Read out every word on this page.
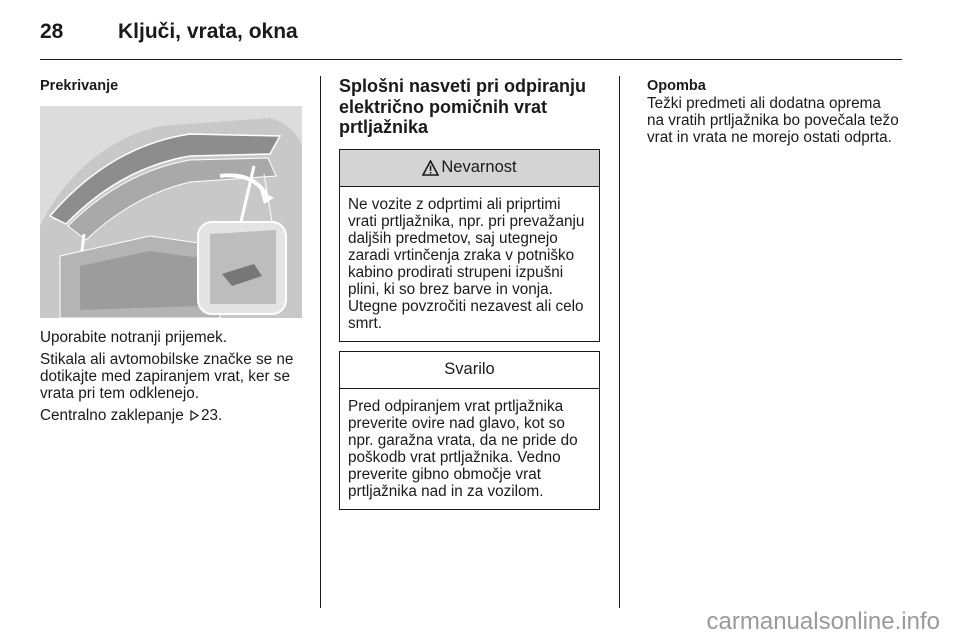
28	Ključi, vrata, okna

Prekrivanje

Uporabite notranji prijemek.

Stikala ali avtomobilske značke se ne dotikajte med zapiranjem vrat, ker se vrata pri tem odklenejo.

Centralno zaklepanje 23.

Splošni nasveti pri odpiranju električno pomičnih vrat prtljažnika

Nevarnost
Ne vozite z odprtimi ali priprtimi vrati prtljažnika, npr. pri prevažanju daljših predmetov, saj utegnejo zaradi vrtinčenja zraka v potniško kabino prodirati strupeni izpušni plini, ki so brez barve in vonja. Utegne povzročiti nezavest ali celo smrt.
Svarilo
Pred odpiranjem vrat prtljažnika preverite ovire nad glavo, kot so npr. garažna vrata, da ne pride do poškodb vrat prtljažnika. Vedno preverite gibno območje vrat prtljažnika nad in za vozilom.

Opomba

Težki predmeti ali dodatna oprema na vratih prtljažnika bo povečala težo vrat in vrata ne morejo ostati odprta.

carmanualsonline.info
